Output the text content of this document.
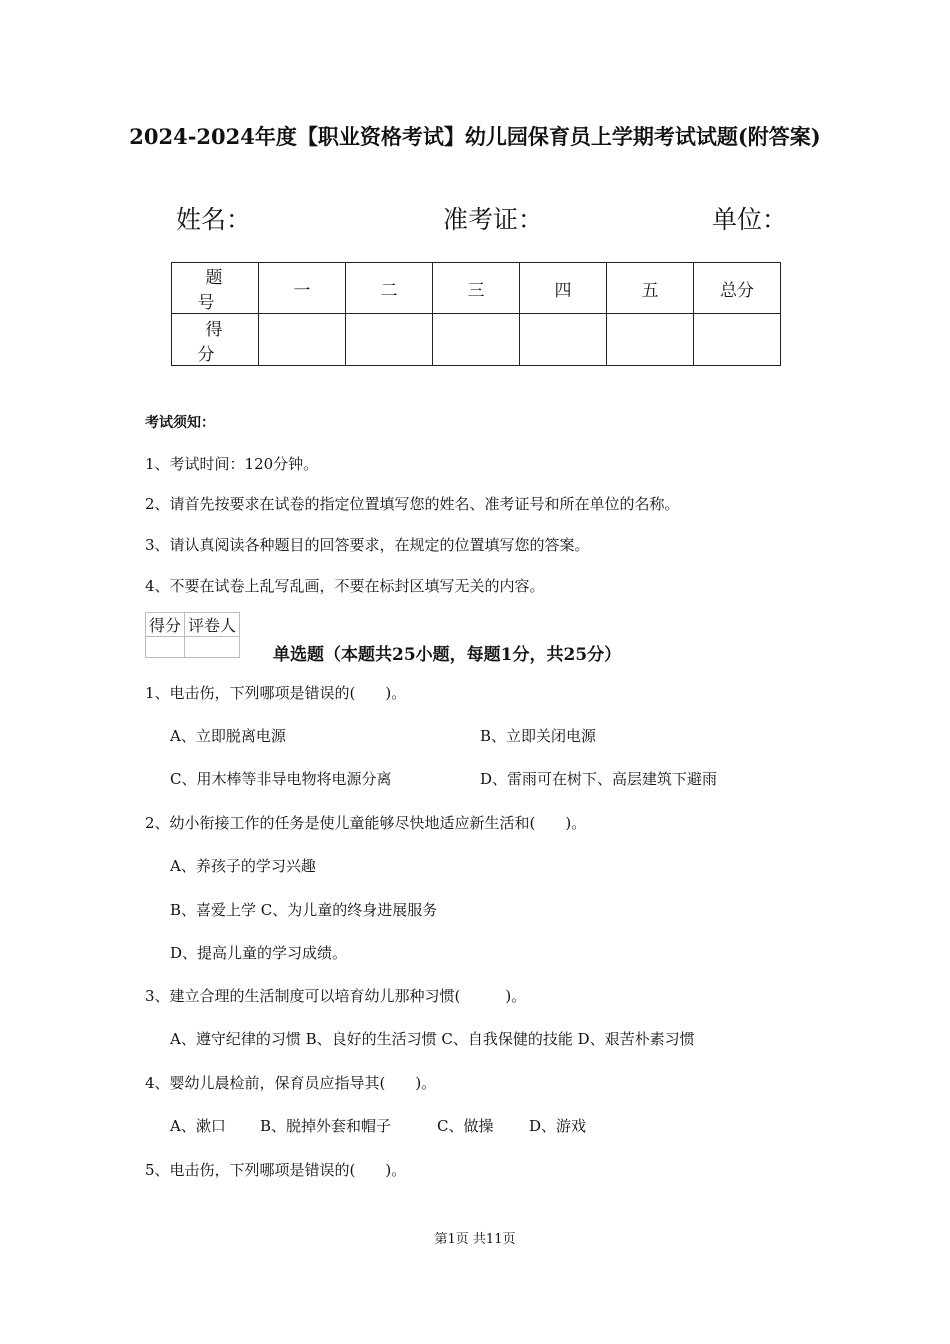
2024-2024年度【职业资格考试】幼儿园保育员上学期考试试题(附答案)
姓名：	准考证：	单位：
题　号	一	二	三	四	五	总分
得　分						
考试须知：
1、考试时间：120分钟。
2、请首先按要求在试卷的指定位置填写您的姓名、准考证号和所在单位的名称。
3、请认真阅读各种题目的回答要求，在规定的位置填写您的答案。
4、不要在试卷上乱写乱画，不要在标封区填写无关的内容。
得分	评卷人

单选题（本题共25小题，每题1分，共25分）
1、电击伤，下列哪项是错误的(　　)。
A、立即脱离电源	B、立即关闭电源
C、用木棒等非导电物将电源分离	D、雷雨可在树下、高层建筑下避雨
2、幼小衔接工作的任务是使儿童能够尽快地适应新生活和(　　)。
A、养孩子的学习兴趣
B、喜爱上学 C、为儿童的终身进展服务
D、提高儿童的学习成绩。
3、建立合理的生活制度可以培育幼儿那种习惯(　　　)。
A、遵守纪律的习惯 B、良好的生活习惯 C、自我保健的技能 D、艰苦朴素习惯
4、婴幼儿晨检前，保育员应指导其(　　)。
A、漱口 B、脱掉外套和帽子	C、做操 D、游戏
5、电击伤，下列哪项是错误的(　　)。
第1页 共11页
